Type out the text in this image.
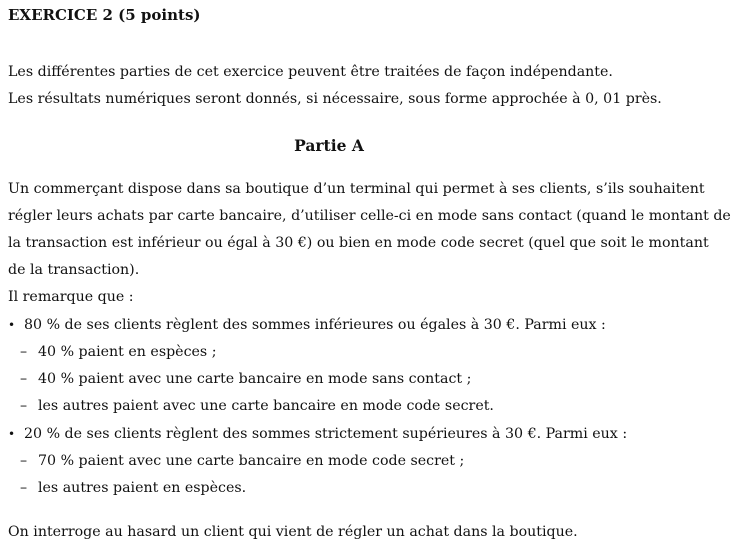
EXERCICE 2 (5 points)
Les différentes parties de cet exercice peuvent être traitées de façon indépendante.
Les résultats numériques seront donnés, si nécessaire, sous forme approchée à 0, 01 près.
Partie A
Un commerçant dispose dans sa boutique d’un terminal qui permet à ses clients, s’ils souhaitent
régler leurs achats par carte bancaire, d’utiliser celle-ci en mode sans contact (quand le montant de
la transaction est inférieur ou égal à 30 €) ou bien en mode code secret (quel que soit le montant
de la transaction).
Il remarque que :
• 80 % de ses clients règlent des sommes inférieures ou égales à 30 €. Parmi eux :
– 40 % paient en espèces ;
– 40 % paient avec une carte bancaire en mode sans contact ;
– les autres paient avec une carte bancaire en mode code secret.
• 20 % de ses clients règlent des sommes strictement supérieures à 30 €. Parmi eux :
– 70 % paient avec une carte bancaire en mode code secret ;
– les autres paient en espèces.
On interroge au hasard un client qui vient de régler un achat dans la boutique.
